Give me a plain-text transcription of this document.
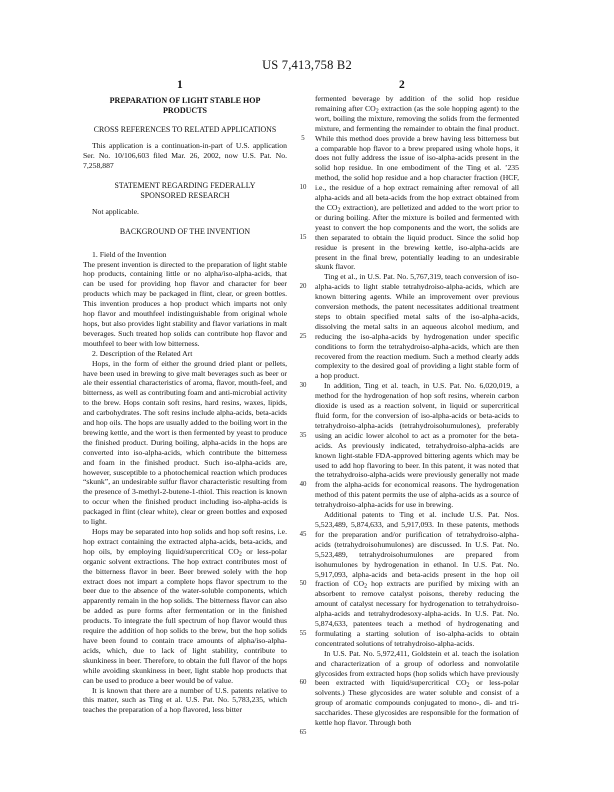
US 7,413,758 B2
1	2

PREPARATION OF LIGHT STABLE HOP PRODUCTS

CROSS REFERENCES TO RELATED APPLICATIONS

This application is a continuation-in-part of U.S. application Ser. No. 10/106,603 filed Mar. 26, 2002, now U.S. Pat. No. 7,258,887

STATEMENT REGARDING FEDERALLY SPONSORED RESEARCH

Not applicable.

BACKGROUND OF THE INVENTION

1. Field of the Invention

The present invention is directed to the preparation of light stable hop products, containing little or no alpha/iso-alpha-acids, that can be used for providing hop flavor and character for beer products which may be packaged in flint, clear, or green bottles. This invention produces a hop product which imparts not only hop flavor and mouthfeel indistinguishable from original whole hops, but also provides light stability and flavor variations in malt beverages. Such treated hop solids can contribute hop flavor and mouthfeel to beer with low bitterness.

2. Description of the Related Art

Hops, in the form of either the ground dried plant or pellets, have been used in brewing to give malt beverages such as beer or ale their essential characteristics of aroma, flavor, mouth-feel, and bitterness, as well as contributing foam and anti-microbial activity to the brew. Hops contain soft resins, hard resins, waxes, lipids, and carbohydrates. The soft resins include alpha-acids, beta-acids and hop oils. The hops are usually added to the boiling wort in the brewing kettle, and the wort is then fermented by yeast to produce the finished product. During boiling, alpha-acids in the hops are converted into iso-alpha-acids, which contribute the bitterness and foam in the finished product. Such iso-alpha-acids are, however, susceptible to a photochemical reaction which produces “skunk”, an undesirable sulfur flavor characteristic resulting from the presence of 3-methyl-2-butene-1-thiol. This reaction is known to occur when the finished product including iso-alpha-acids is packaged in flint (clear white), clear or green bottles and exposed to light.

Hops may be separated into hop solids and hop soft resins, i.e. hop extract containing the extracted alpha-acids, beta-acids, and hop oils, by employing liquid/supercritical $CO_2$ or less-polar organic solvent extractions. The hop extract contributes most of the bitterness flavor in beer. Beer brewed solely with the hop extract does not impart a complete hops flavor spectrum to the beer due to the absence of the water-soluble components, which apparently remain in the hop solids. The bitterness flavor can also be added as pure forms after fermentation or in the finished products. To integrate the full spectrum of hop flavor would thus require the addition of hop solids to the brew, but the hop solids have been found to contain trace amounts of alpha/iso-alpha-acids, which, due to lack of light stability, contribute to skunkiness in beer. Therefore, to obtain the full flavor of the hops while avoiding skunkiness in beer, light stable hop products that can be used to produce a beer would be of value.

It is known that there are a number of U.S. patents relative to this matter, such as Ting et al. U.S. Pat. No. 5,783,235, which teaches the preparation of a hop flavored, less bitter

fermented beverage by addition of the solid hop residue remaining after $CO_2$ extraction (as the sole hopping agent) to the wort, boiling the mixture, removing the solids from the fermented mixture, and fermenting the remainder to obtain the final product. While this method does provide a brew having less bitterness but a comparable hop flavor to a brew prepared using whole hops, it does not fully address the issue of iso-alpha-acids present in the solid hop residue. In one embodiment of the Ting et al. ’235 method, the solid hop residue and a hop character fraction (HCF, i.e., the residue of a hop extract remaining after removal of all alpha-acids and all beta-acids from the hop extract obtained from the $CO_2$ extraction), are pelletized and added to the wort prior to or during boiling. After the mixture is boiled and fermented with yeast to convert the hop components and the wort, the solids are then separated to obtain the liquid product. Since the solid hop residue is present in the brewing kettle, iso-alpha-acids are present in the final brew, potentially leading to an undesirable skunk flavor.

Ting et al., in U.S. Pat. No. 5,767,319, teach conversion of iso-alpha-acids to light stable tetrahydroiso-alpha-acids, which are known bittering agents. While an improvement over previous conversion methods, the patent necessitates additional treatment steps to obtain specified metal salts of the iso-alpha-acids, dissolving the metal salts in an aqueous alcohol medium, and reducing the iso-alpha-acids by hydrogenation under specific conditions to form the tetrahydroiso-alpha-acids, which are then recovered from the reaction medium. Such a method clearly adds complexity to the desired goal of providing a light stable form of a hop product.

In addition, Ting et al. teach, in U.S. Pat. No. 6,020,019, a method for the hydrogenation of hop soft resins, wherein carbon dioxide is used as a reaction solvent, in liquid or supercritical fluid form, for the conversion of iso-alpha-acids or beta-acids to tetrahydroiso-alpha-acids (tetrahydroisohumulones), preferably using an acidic lower alcohol to act as a promoter for the beta-acids. As previously indicated, tetrahydroiso-alpha-acids are known light-stable FDA-approved bittering agents which may be used to add hop flavoring to beer. In this patent, it was noted that the tetrahydroiso-alpha-acids were previously generally not made from the alpha-acids for economical reasons. The hydrogenation method of this patent permits the use of alpha-acids as a source of tetrahydroiso-alpha-acids for use in brewing.

Additional patents to Ting et al. include U.S. Pat. Nos. 5,523,489, 5,874,633, and 5,917,093. In these patents, methods for the preparation and/or purification of tetrahydroiso-alpha-acids (tetrahydroisohumulones) are discussed. In U.S. Pat. No. 5,523,489, tetrahydroisohumulones are prepared from isohumulones by hydrogenation in ethanol. In U.S. Pat. No. 5,917,093, alpha-acids and beta-acids present in the hop oil fraction of $CO_2$ hop extracts are purified by mixing with an absorbent to remove catalyst poisons, thereby reducing the amount of catalyst necessary for hydrogenation to tetrahydroiso-alpha-acids and tetrahydrodesoxy-alpha-acids. In U.S. Pat. No. 5,874,633, patentees teach a method of hydrogenating and formulating a starting solution of iso-alpha-acids to obtain concentrated solutions of tetrahydroiso-alpha-acids.

In U.S. Pat. No. 5,972,411, Goldstein et al. teach the isolation and characterization of a group of odorless and nonvolatile glycosides from extracted hops (hop solids which have previously been extracted with liquid/supercritical $CO_2$ or less-polar solvents.) These glycosides are water soluble and consist of a group of aromatic compounds conjugated to mono-, di- and tri-saccharides. These glycosides are responsible for the formation of kettle hop flavor. Through both

5
10
15
20
25
30
35
40
45
50
55
60
65
